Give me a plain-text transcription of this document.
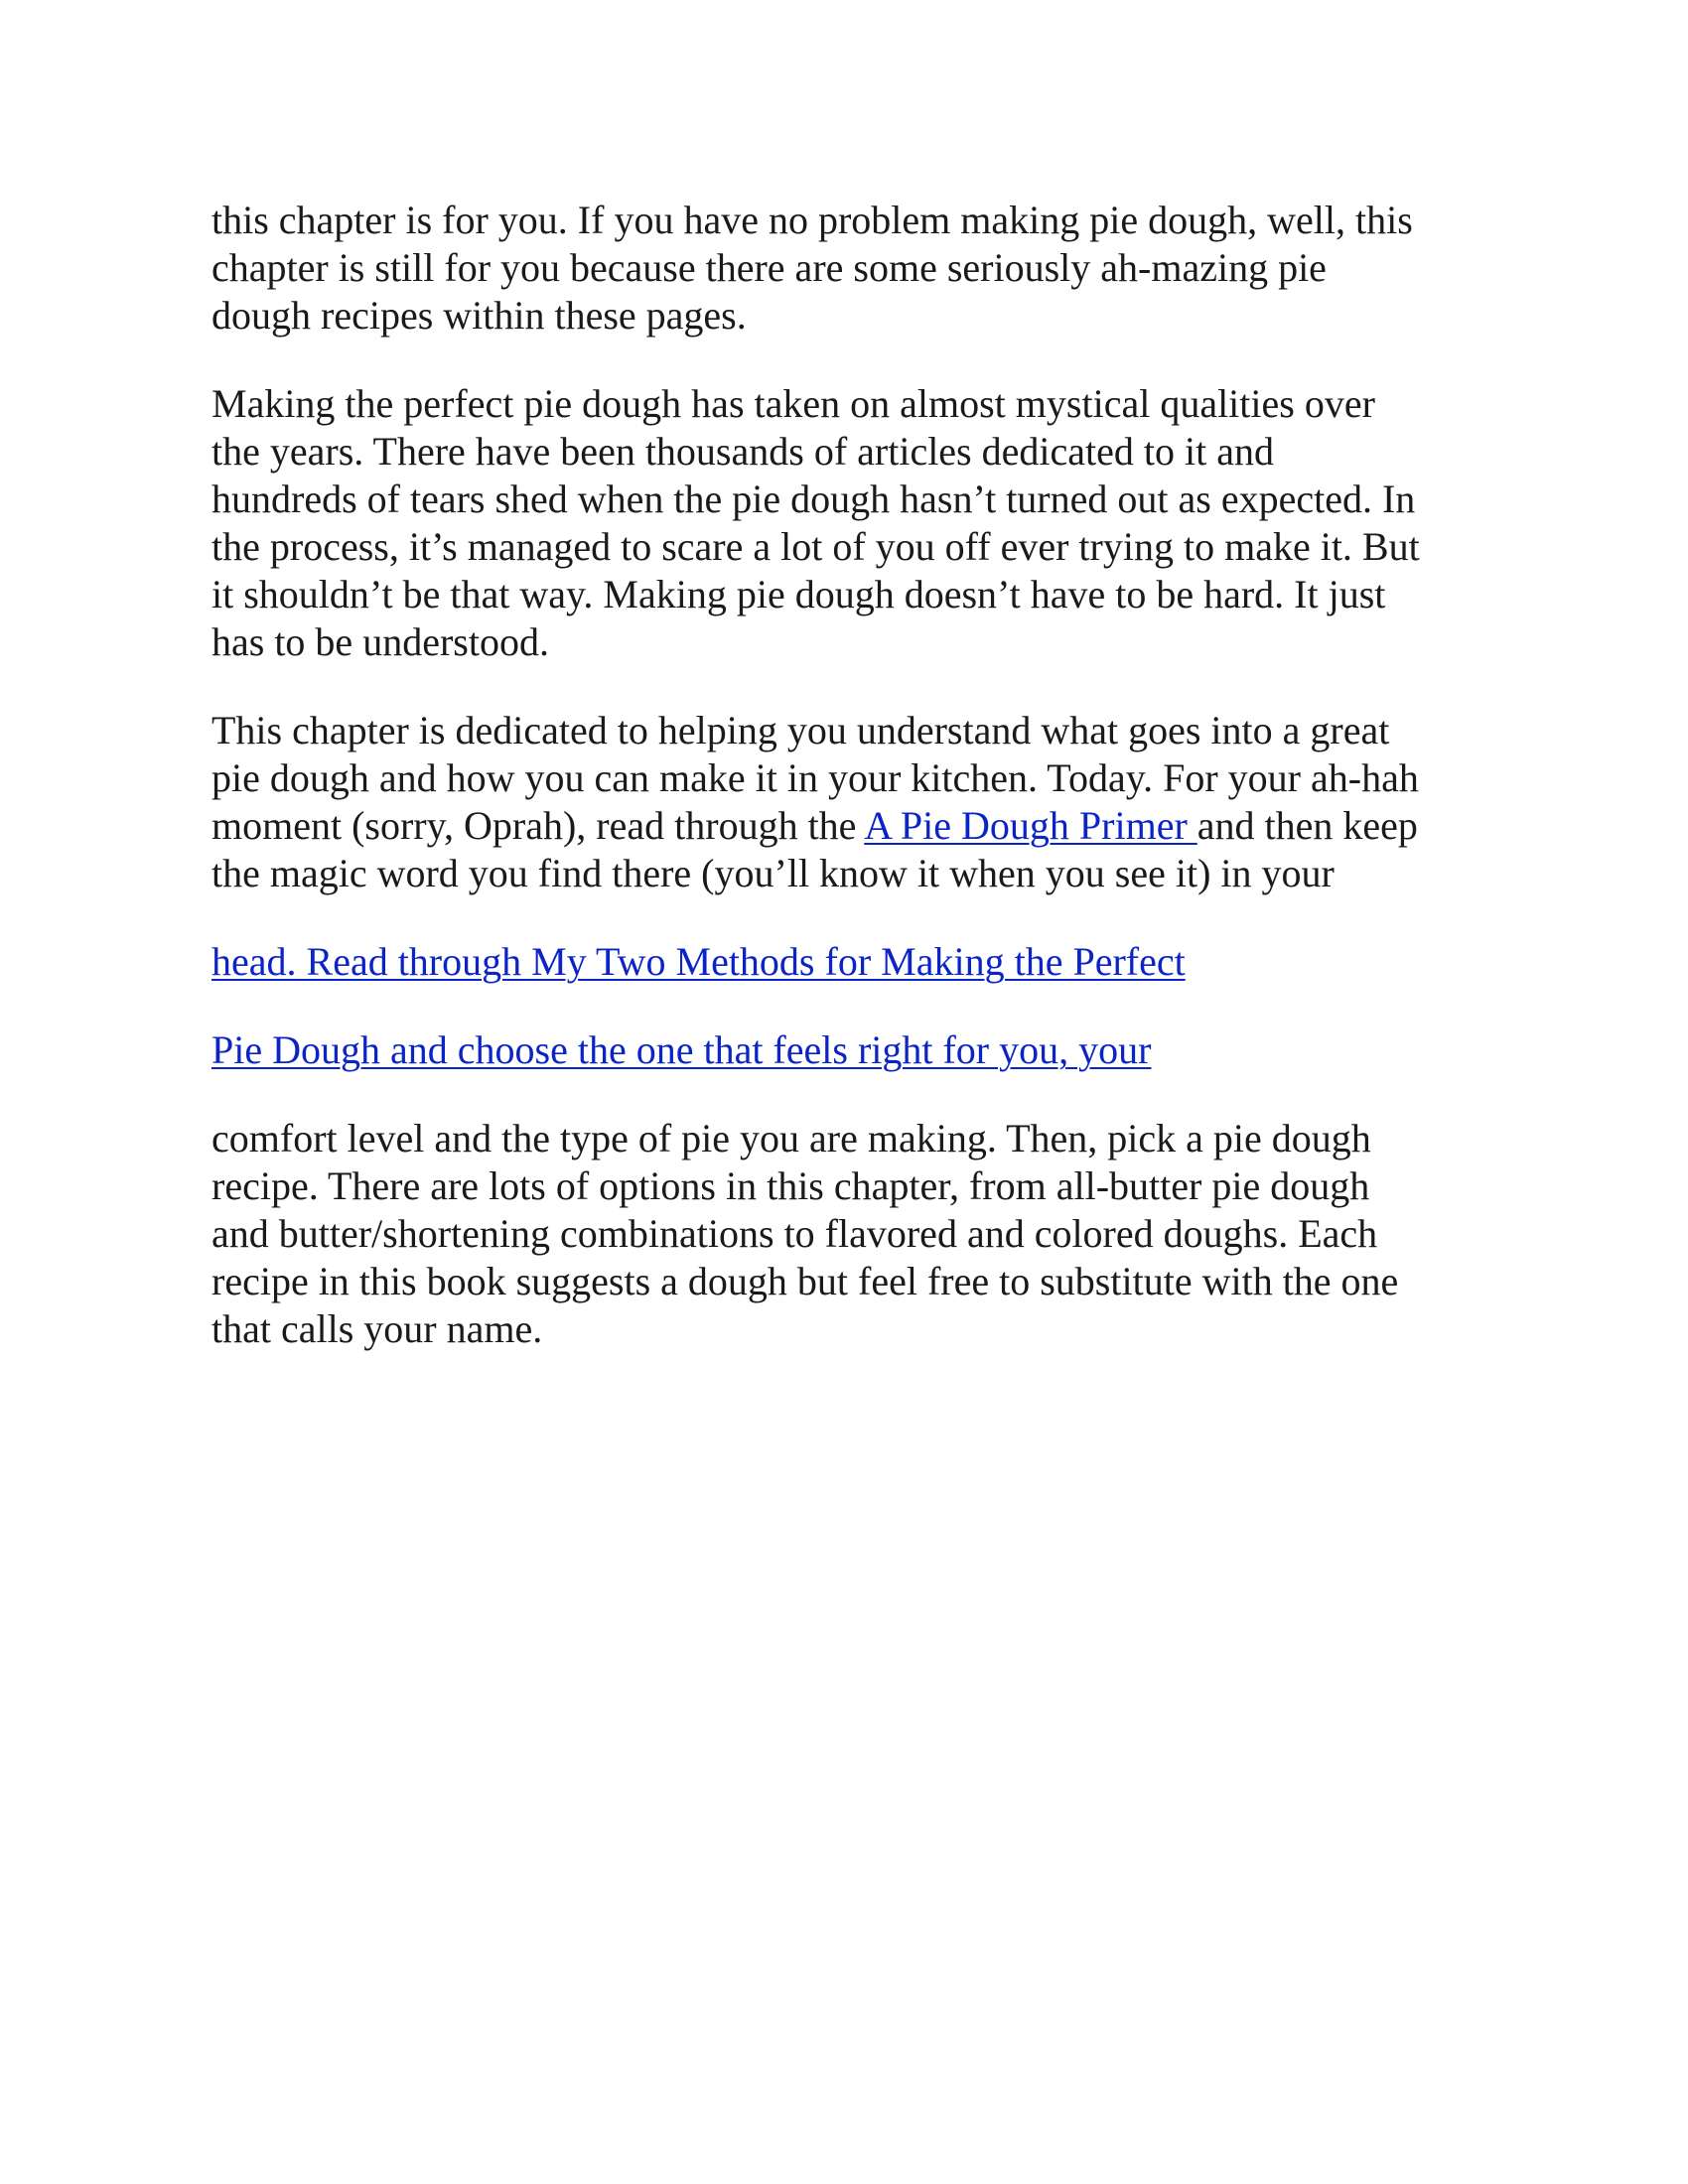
this chapter is for you. If you have no problem making pie dough, well, this
chapter is still for you because there are some seriously ah-mazing pie
dough recipes within these pages.

Making the perfect pie dough has taken on almost mystical qualities over
the years. There have been thousands of articles dedicated to it and
hundreds of tears shed when the pie dough hasn’t turned out as expected. In
the process, it’s managed to scare a lot of you off ever trying to make it. But
it shouldn’t be that way. Making pie dough doesn’t have to be hard. It just
has to be understood.

This chapter is dedicated to helping you understand what goes into a great
pie dough and how you can make it in your kitchen. Today. For your ah-hah
moment (sorry, Oprah), read through the A Pie Dough Primer and then keep
the magic word you find there (you’ll know it when you see it) in your

head. Read through My Two Methods for Making the Perfect

Pie Dough and choose the one that feels right for you, your

comfort level and the type of pie you are making. Then, pick a pie dough
recipe. There are lots of options in this chapter, from all-butter pie dough
and butter/shortening combinations to flavored and colored doughs. Each
recipe in this book suggests a dough but feel free to substitute with the one
that calls your name.
